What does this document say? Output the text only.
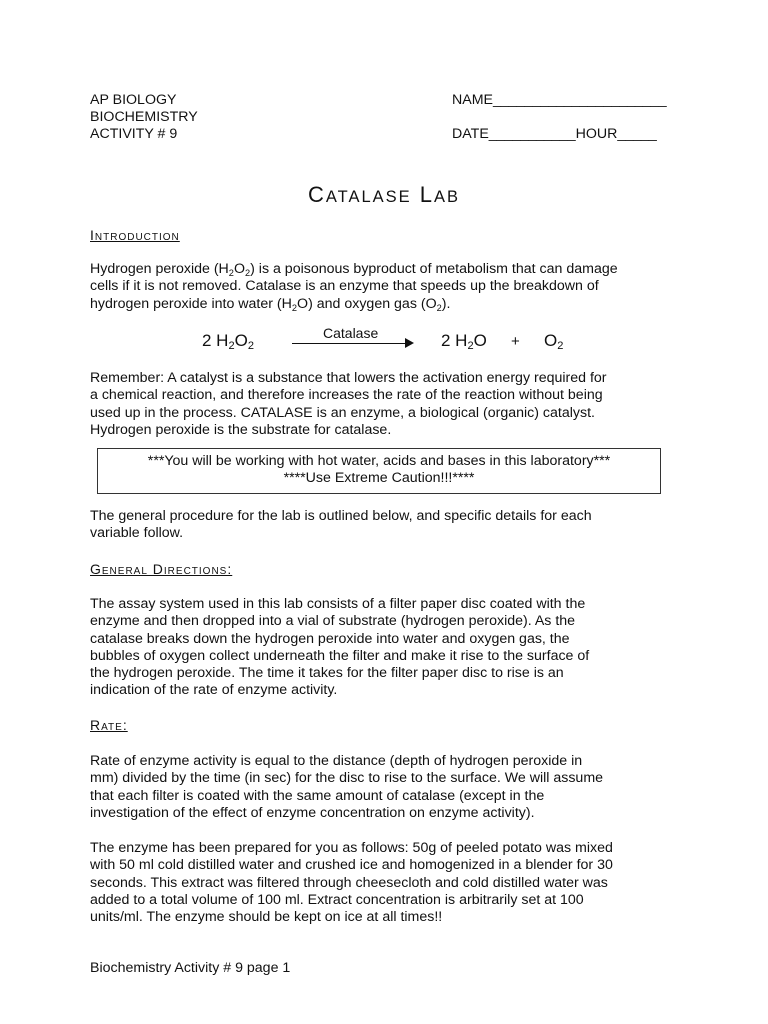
AP BIOLOGY
BIOCHEMISTRY
ACTIVITY # 9
NAME______________________
DATE___________HOUR_____
CATALASE LAB
Introduction

Hydrogen peroxide $(H_2O_2)$ is a poisonous byproduct of metabolism that can damage

cells if it is not removed. Catalase is an enzyme that speeds up the breakdown of

hydrogen peroxide into water $(H_2O)$ and oxygen gas $(O_2)$.

2 $H_2O_2$
Catalase	2 $H_2O + O_2$

Remember: A catalyst is a substance that lowers the activation energy required for

a chemical reaction, and therefore increases the rate of the reaction without being

used up in the process. CATALASE is an enzyme, a biological (organic) catalyst.

Hydrogen peroxide is the substrate for catalase.

***You will be working with hot water, acids and bases in this laboratory***
****Use Extreme Caution!!!****

The general procedure for the lab is outlined below, and specific details for each

variable follow.

General Directions:

The assay system used in this lab consists of a filter paper disc coated with the

enzyme and then dropped into a vial of substrate (hydrogen peroxide). As the

catalase breaks down the hydrogen peroxide into water and oxygen gas, the

bubbles of oxygen collect underneath the filter and make it rise to the surface of

the hydrogen peroxide. The time it takes for the filter paper disc to rise is an

indication of the rate of enzyme activity.

Rate:

Rate of enzyme activity is equal to the distance (depth of hydrogen peroxide in

mm) divided by the time (in sec) for the disc to rise to the surface. We will assume

that each filter is coated with the same amount of catalase (except in the

investigation of the effect of enzyme concentration on enzyme activity).

The enzyme has been prepared for you as follows: 50g of peeled potato was mixed

with 50 ml cold distilled water and crushed ice and homogenized in a blender for 30

seconds. This extract was filtered through cheesecloth and cold distilled water was

added to a total volume of 100 ml. Extract concentration is arbitrarily set at 100

units/ml. The enzyme should be kept on ice at all times!!

Biochemistry Activity # 9 page 1
